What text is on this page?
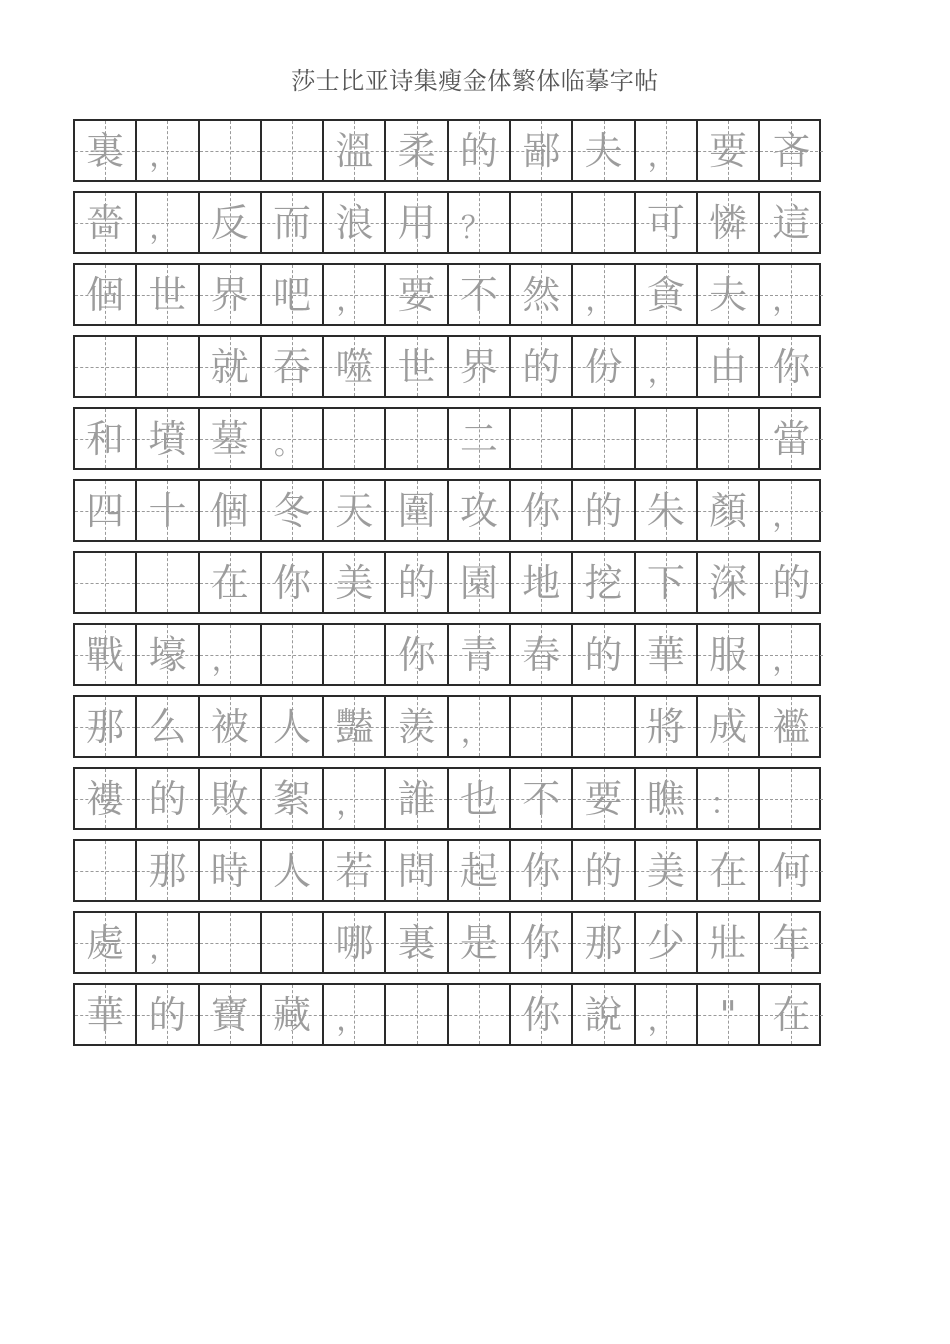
莎士比亚诗集瘦金体繁体临摹字帖
裏 ，	溫 柔 的 鄙 夫 ， 要 吝
嗇 ， 反 而 浪 用 ？	可 憐 這
個 世 界 吧 ， 要 不 然 ， 貪 夫 ，
就 吞 噬 世 界 的 份 ， 由 你
和 墳 墓 。	二	當
四 十 個 冬 天 圍 攻 你 的 朱 顏 ，
在 你 美 的 園 地 挖 下 深 的
戰 壕 ，	你 青 春 的 華 服 ，
那 么 被 人 豔 羨 ，	將 成 襤
褸 的 敗 絮 ， 誰 也 不 要 瞧 ：
那 時 人 若 問 起 你 的 美 在 何
處 ，	哪 裏 是 你 那 少 壯 年
華 的 寶 藏 ，	你 說 ，	" 在
